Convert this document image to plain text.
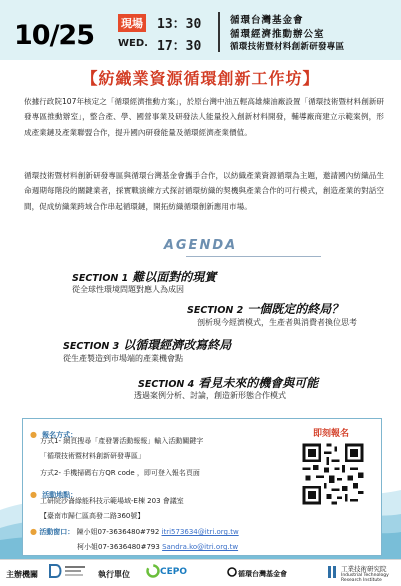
10/25 現場 13：30
WED. 17：30
循環台灣基金會
循環經濟推動辦公室
循環技術暨材料創新研發專區
【紡織業資源循環創新工作坊】
依據行政院107年核定之「循環經濟推動方案」，於原台灣中油五輕高雄煉油廠設置「循環技術暨材料創新研發專區推動辦室」，整合產、學、國營事業及研發法人能量投入創新材料開發，輔導廠商建立示範案例，形成產業鏈及產業聯盟合作，提升國內研發能量及循環經濟產業價值。
循環技術暨材料創新研發專區與循環台灣基金會攜手合作，以紡織產業資源循環為主題，邀請國內紡織品生命週期每階段的關鍵業者，採實戰演練方式探討循環紡織的契機與產業合作的可行模式，創造產業的對話空間，促成紡織業跨域合作串起循環鏈，開拓紡織循環創新應用市場。
AGENDA
SECTION 1 難以面對的現實
從全球性環境問題對應人為成因
SECTION 2 一個既定的終局？
剖析現今經濟模式，生產者與消費者換位思考
SECTION 3 以循環經濟改寫終局
從生產製造到市場端的產業機會點
SECTION 4 看見未來的機會與可能
透過案例分析、討論，創造新形態合作模式
● 報名方式：
方式1- 網頁搜尋「產發署活動報報」輸入活動關鍵字
「循環技術暨材料創新研發專區」
方式2- 手機掃碼右方QR code ，即可登入報名頁面
● 活動地點：
工研院沙崙綠能科技示範場域-E棟 203 會議室
【臺南市歸仁區高發二路360號】
● 活動窗口： 陳小姐07-3636480#792 itri573634@itri.org.tw
柯小姐07-3636480#793 Sandra.ko@itri.org.tw
即刻報名
主辦機關	執行單位	CEPO	循環台灣基金會
工業技術研究院
Industrial Technology
Research Institute
